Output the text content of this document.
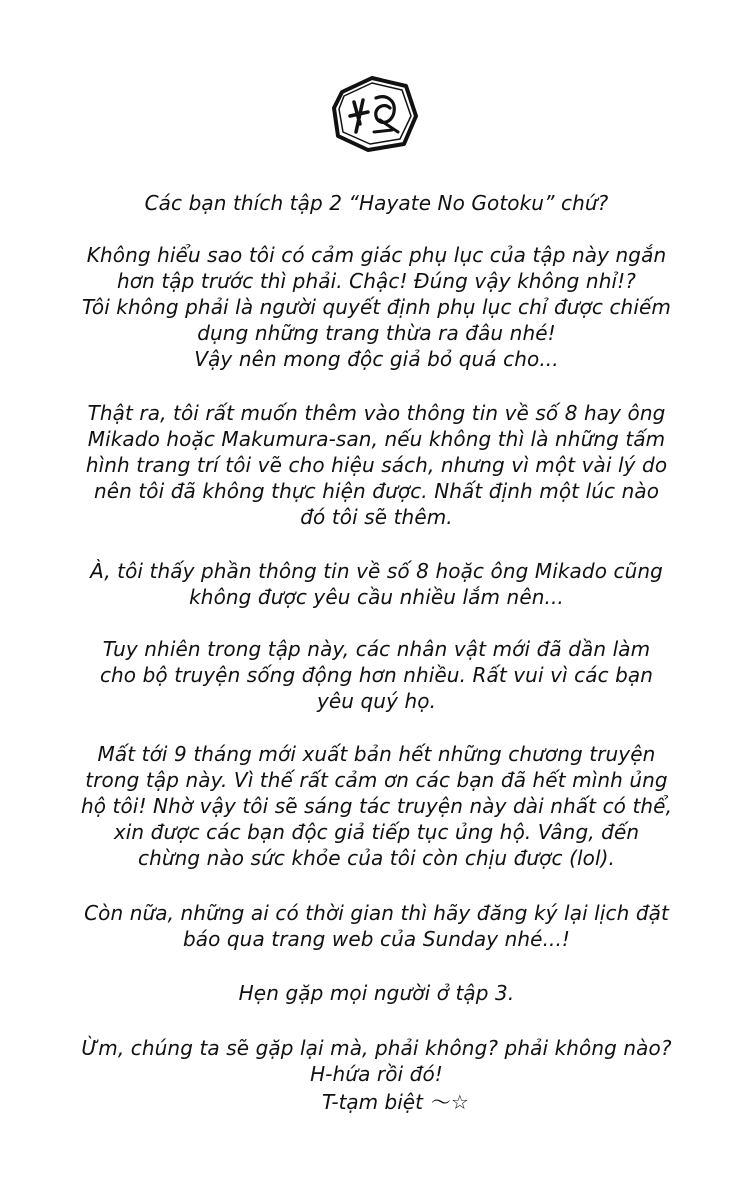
Các bạn thích tập 2 “Hayate No Gotoku” chứ?
Không hiểu sao tôi có cảm giác phụ lục của tập này ngắn
hơn tập trước thì phải. Chậc! Đúng vậy không nhỉ!?
Tôi không phải là người quyết định phụ lục chỉ được chiếm
dụng những trang thừa ra đâu nhé!
Vậy nên mong độc giả bỏ quá cho...
Thật ra, tôi rất muốn thêm vào thông tin về số 8 hay ông
Mikado hoặc Makumura-san, nếu không thì là những tấm
hình trang trí tôi vẽ cho hiệu sách, nhưng vì một vài lý do
nên tôi đã không thực hiện được. Nhất định một lúc nào
đó tôi sẽ thêm.
À, tôi thấy phần thông tin về số 8 hoặc ông Mikado cũng
không được yêu cầu nhiều lắm nên...
Tuy nhiên trong tập này, các nhân vật mới đã dần làm
cho bộ truyện sống động hơn nhiều. Rất vui vì các bạn
yêu quý họ.
Mất tới 9 tháng mới xuất bản hết những chương truyện
trong tập này. Vì thế rất cảm ơn các bạn đã hết mình ủng
hộ tôi! Nhờ vậy tôi sẽ sáng tác truyện này dài nhất có thể,
xin được các bạn độc giả tiếp tục ủng hộ. Vâng, đến
chừng nào sức khỏe của tôi còn chịu được (lol).
Còn nữa, những ai có thời gian thì hãy đăng ký lại lịch đặt
báo qua trang web của Sunday nhé...!
Hẹn gặp mọi người ở tập 3.
Ừm, chúng ta sẽ gặp lại mà, phải không? phải không nào?
H-hứa rồi đó!
T-tạm biệt 〜☆
